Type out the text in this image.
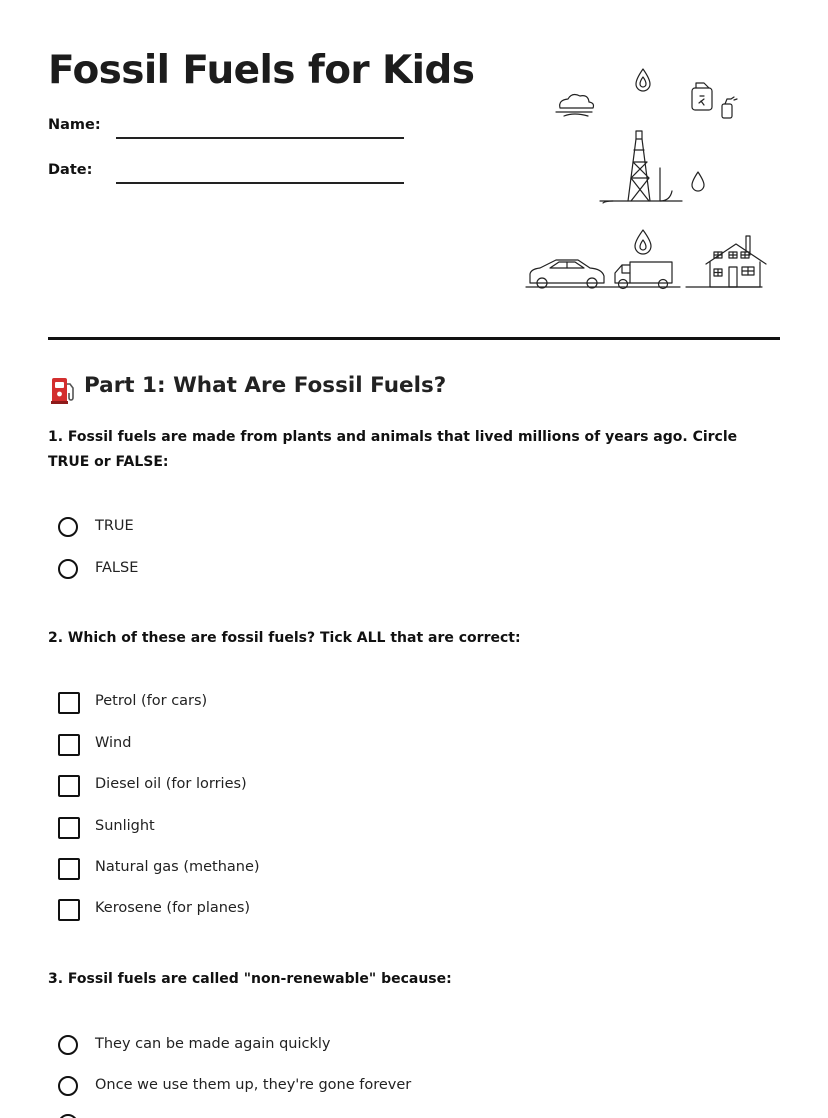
Fossil Fuels for Kids
Name:
Date:
Part 1: What Are Fossil Fuels?

1. Fossil fuels are made from plants and animals that lived millions of years ago. Circle TRUE or FALSE:

TRUE
FALSE

2. Which of these are fossil fuels? Tick ALL that are correct:

Petrol (for cars)
Wind
Diesel oil (for lorries)
Sunlight
Natural gas (methane)
Kerosene (for planes)

3. Fossil fuels are called "non-renewable" because:

They can be made again quickly
Once we use them up, they're gone forever
